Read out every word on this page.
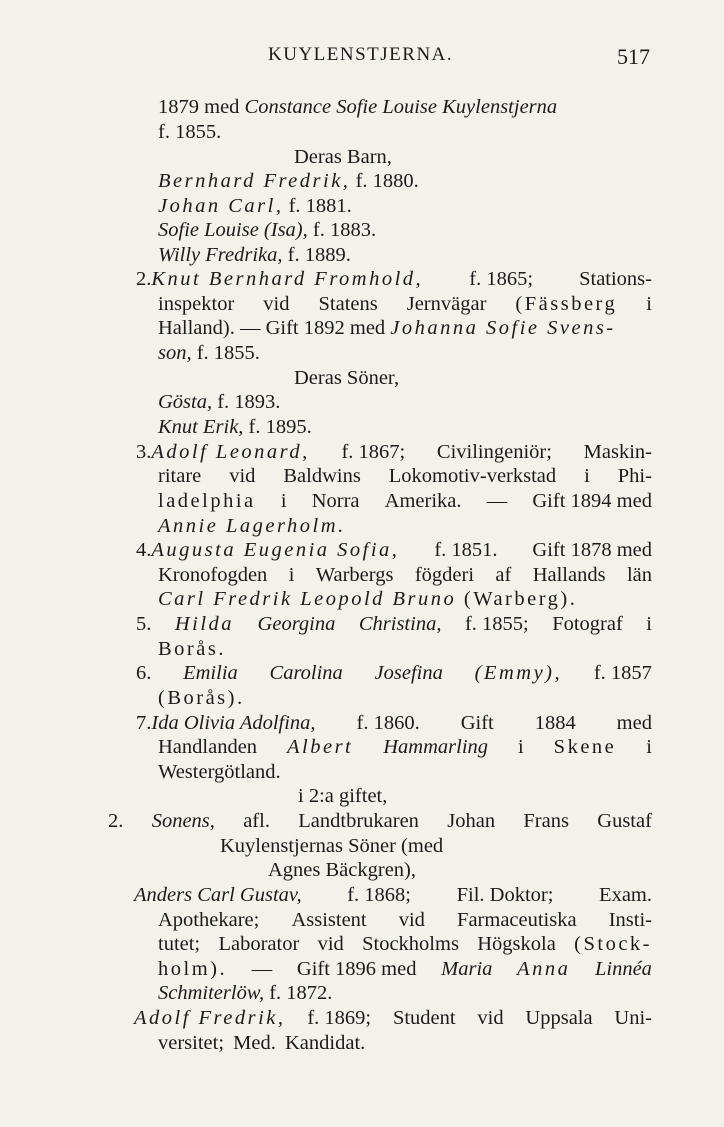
KUYLENSTJERNA.	517
1879 med Constance Sofie Louise Kuylenstjerna
f. 1855.
Deras Barn,
Bernhard Fredrik, f. 1880.
Johan Carl, f. 1881.
Sofie Louise (Isa), f. 1883.
Willy Fredrika, f. 1889.
2.Knut Bernhard Fromhold, f. 1865; Stations-
inspektor vid Statens Jernvägar (Fässberg i
Halland). — Gift 1892 med Johanna Sofie Svens-
son, f. 1855.
Deras Söner,
Gösta, f. 1893.
Knut Erik, f. 1895.
3.Adolf Leonard, f. 1867; Civilingeniör; Maskin-
ritare vid Baldwins Lokomotiv-verkstad i Phi-
ladelphia i Norra Amerika. — Gift 1894 med
Annie Lagerholm.
4.Augusta Eugenia Sofia, f. 1851. Gift 1878 med
Kronofogden i Warbergs fögderi af Hallands län
Carl Fredrik Leopold Bruno (Warberg).
5. Hilda Georgina Christina, f. 1855; Fotograf i
Borås.
6. Emilia Carolina Josefina (Emmy), f. 1857
(Borås).
7.Ida Olivia Adolfina, f. 1860. Gift 1884 med
Handlanden Albert Hammarling i Skene i
Westergötland.
i 2:a giftet,
2. Sonens, afl. Landtbrukaren Johan Frans Gustaf
Kuylenstjernas Söner (med
Agnes Bäckgren),
Anders Carl Gustav, f. 1868; Fil. Doktor; Exam.
Apothekare; Assistent vid Farmaceutiska Insti-
tutet; Laborator vid Stockholms Högskola (Stock-
holm). — Gift 1896 med Maria Anna Linnéa
Schmiterlöw, f. 1872.
Adolf Fredrik, f. 1869; Student vid Uppsala Uni-
versitet; Med. Kandidat.
